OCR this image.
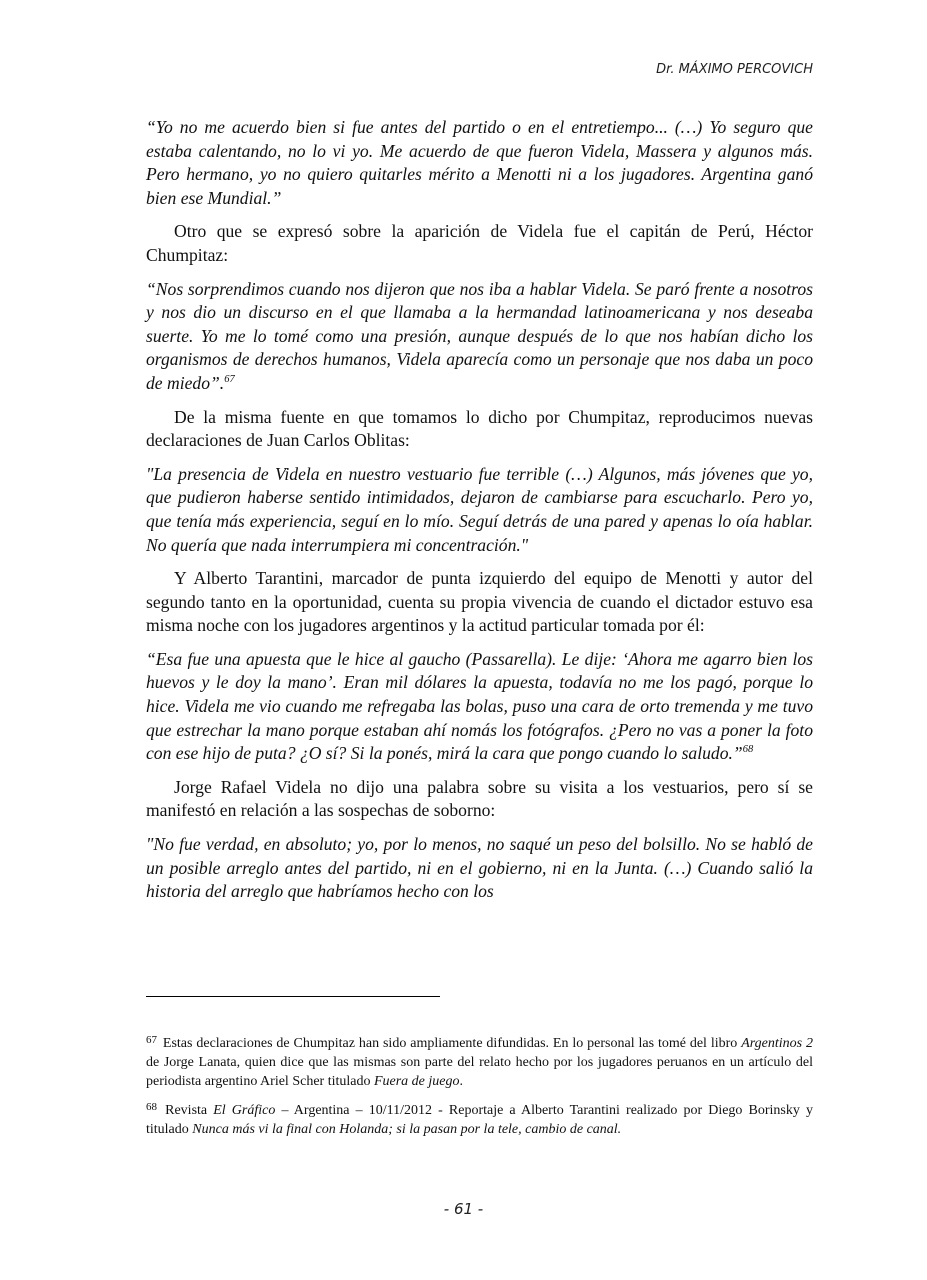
Dr. MÁXIMO PERCOVICH

“Yo no me acuerdo bien si fue antes del partido o en el entretiempo... (…) Yo seguro que estaba calentando, no lo vi yo. Me acuerdo de que fueron Videla, Massera y algunos más. Pero hermano, yo no quiero quitarles mérito a Menotti ni a los jugadores. Argentina ganó bien ese Mundial.”

Otro que se expresó sobre la aparición de Videla fue el capitán de Perú, Héctor Chumpitaz:

“Nos sorprendimos cuando nos dijeron que nos iba a hablar Videla. Se paró frente a nosotros y nos dio un discurso en el que llamaba a la hermandad latinoamericana y nos deseaba suerte. Yo me lo tomé como una presión, aunque después de lo que nos habían dicho los organismos de derechos humanos, Videla aparecía como un personaje que nos daba un poco de miedo”.$^{67}$

De la misma fuente en que tomamos lo dicho por Chumpitaz, reproducimos nuevas declaraciones de Juan Carlos Oblitas:

"La presencia de Videla en nuestro vestuario fue terrible (…) Algunos, más jóvenes que yo, que pudieron haberse sentido intimidados, dejaron de cambiarse para escucharlo. Pero yo, que tenía más experiencia, seguí en lo mío. Seguí detrás de una pared y apenas lo oía hablar. No quería que nada interrumpiera mi concentración."

Y Alberto Tarantini, marcador de punta izquierdo del equipo de Menotti y autor del segundo tanto en la oportunidad, cuenta su propia vivencia de cuando el dictador estuvo esa misma noche con los jugadores argentinos y la actitud particular tomada por él:

“Esa fue una apuesta que le hice al gaucho (Passarella). Le dije: ‘Ahora me agarro bien los huevos y le doy la mano’. Eran mil dólares la apuesta, todavía no me los pagó, porque lo hice. Videla me vio cuando me refregaba las bolas, puso una cara de orto tremenda y me tuvo que estrechar la mano porque estaban ahí nomás los fotógrafos. ¿Pero no vas a poner la foto con ese hijo de puta? ¿O sí? Si la ponés, mirá la cara que pongo cuando lo saludo.”$^{68}$

Jorge Rafael Videla no dijo una palabra sobre su visita a los vestuarios, pero sí se manifestó en relación a las sospechas de soborno:

"No fue verdad, en absoluto; yo, por lo menos, no saqué un peso del bolsillo. No se habló de un posible arreglo antes del partido, ni en el gobierno, ni en la Junta. (…) Cuando salió la historia del arreglo que habríamos hecho con los

$^{67}$ Estas declaraciones de Chumpitaz han sido ampliamente difundidas. En lo personal las tomé del libro Argentinos 2 de Jorge Lanata, quien dice que las mismas son parte del relato hecho por los jugadores peruanos en un artículo del periodista argentino Ariel Scher titulado Fuera de juego.

$^{68}$ Revista El Gráfico – Argentina – 10/11/2012 - Reportaje a Alberto Tarantini realizado por Diego Borinsky y titulado Nunca más vi la final con Holanda; si la pasan por la tele, cambio de canal.

- 61 -
